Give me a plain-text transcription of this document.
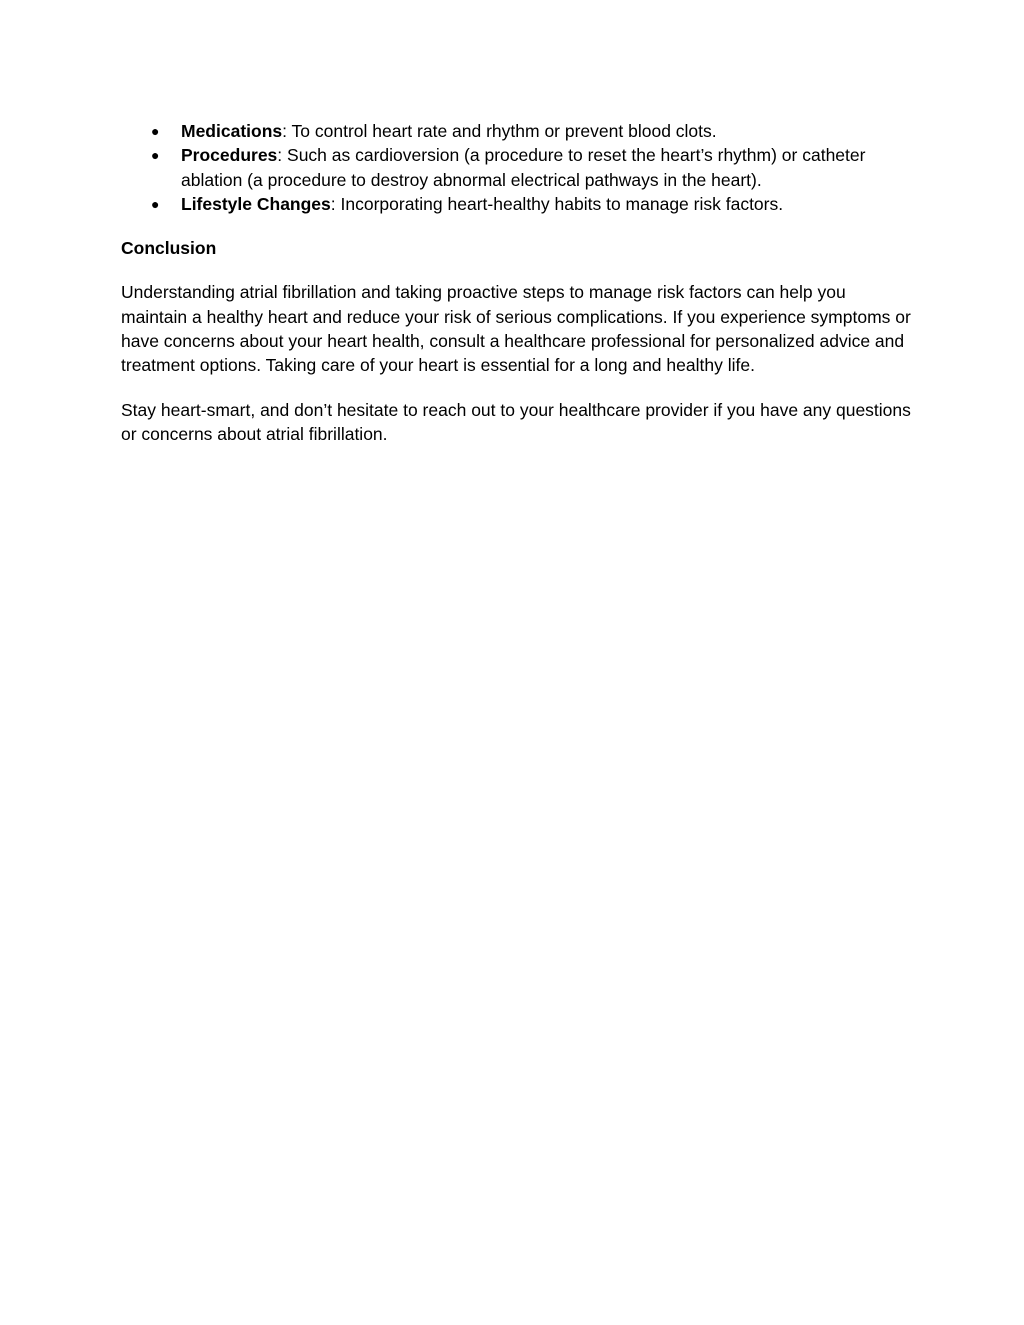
● Medications: To control heart rate and rhythm or prevent blood clots.
● Procedures: Such as cardioversion (a procedure to reset the heart’s rhythm) or catheter ablation (a procedure to destroy abnormal electrical pathways in the heart).
● Lifestyle Changes: Incorporating heart-healthy habits to manage risk factors.
Conclusion

Understanding atrial fibrillation and taking proactive steps to manage risk factors can help you maintain a healthy heart and reduce your risk of serious complications. If you experience symptoms or have concerns about your heart health, consult a healthcare professional for personalized advice and treatment options. Taking care of your heart is essential for a long and healthy life.

Stay heart-smart, and don’t hesitate to reach out to your healthcare provider if you have any questions or concerns about atrial fibrillation.
